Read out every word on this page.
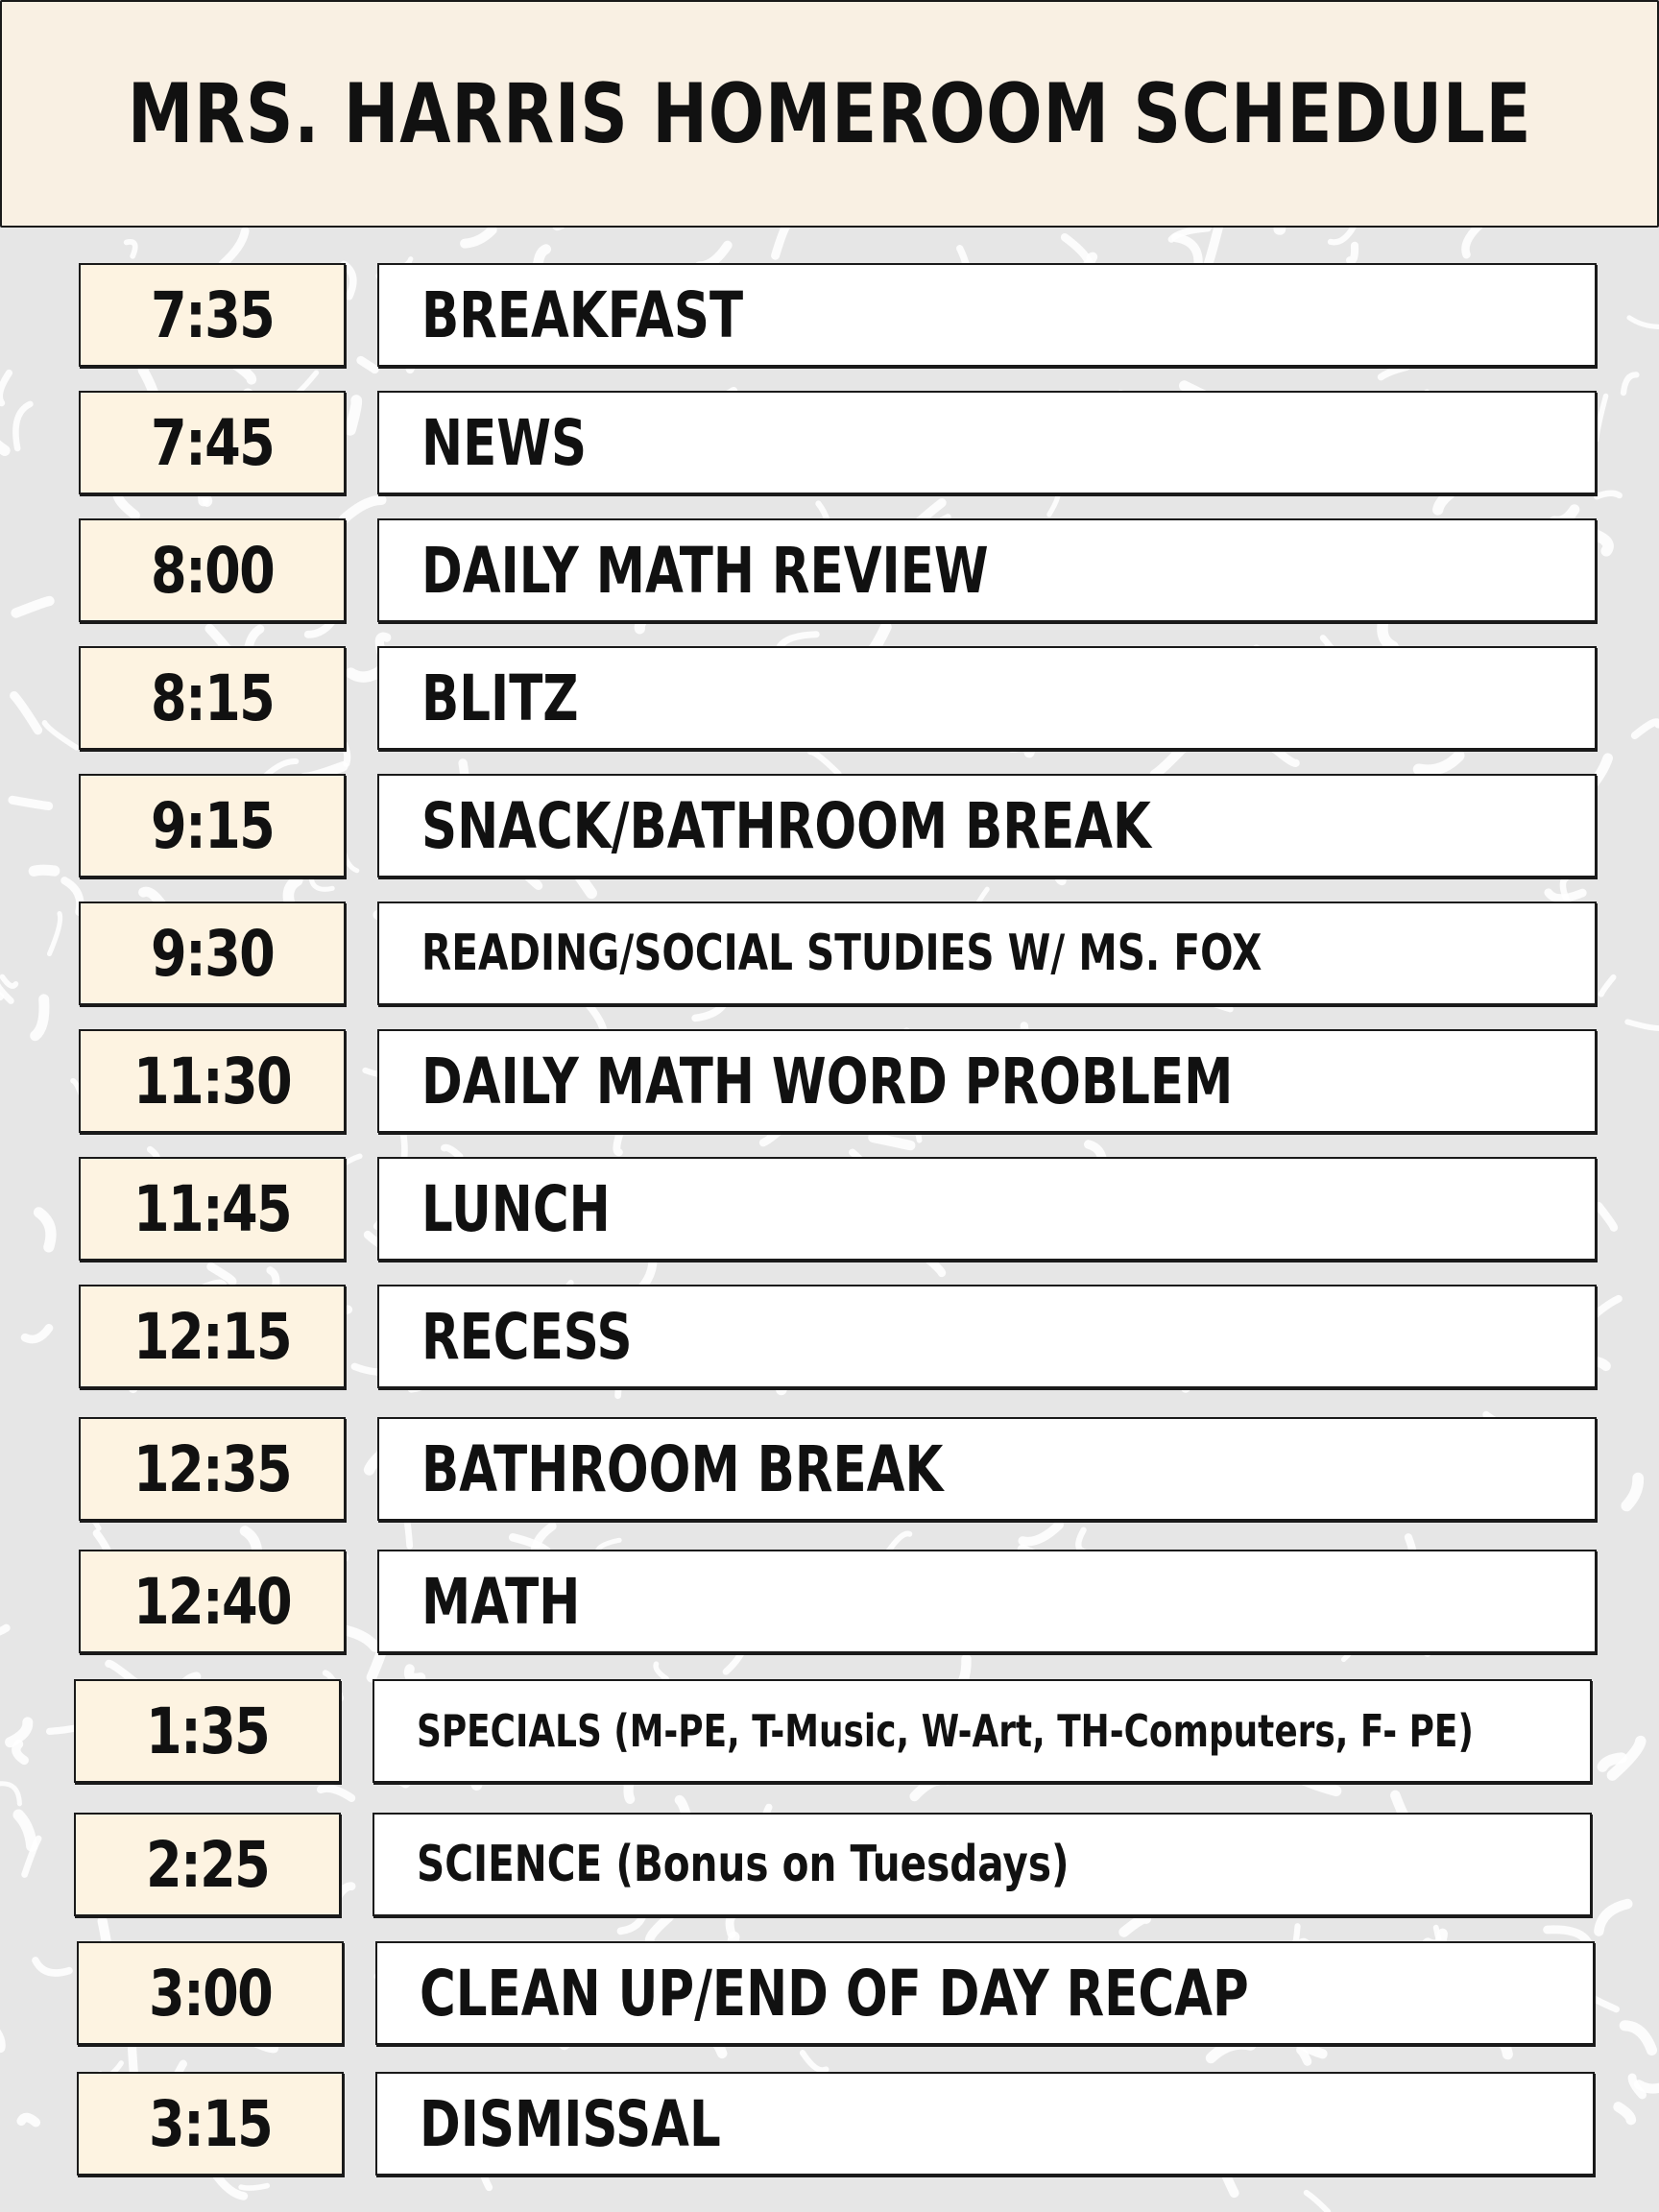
MRS. HARRIS HOMEROOM SCHEDULE
7:35 BREAKFAST
7:45 NEWS
8:00 DAILY MATH REVIEW
8:15 BLITZ
9:15 SNACK/BATHROOM BREAK
9:30	READING/SOCIAL STUDIES W/ MS. FOX
11:30 DAILY MATH WORD PROBLEM
11:45 LUNCH
12:15 RECESS
12:35 BATHROOM BREAK
12:40 MATH
1:35	SPECIALS (M-PE, T-Music, W-Art, TH-Computers, F- PE)
2:25	SCIENCE (Bonus on Tuesdays)
3:00 CLEAN UP/END OF DAY RECAP
3:15 DISMISSAL
